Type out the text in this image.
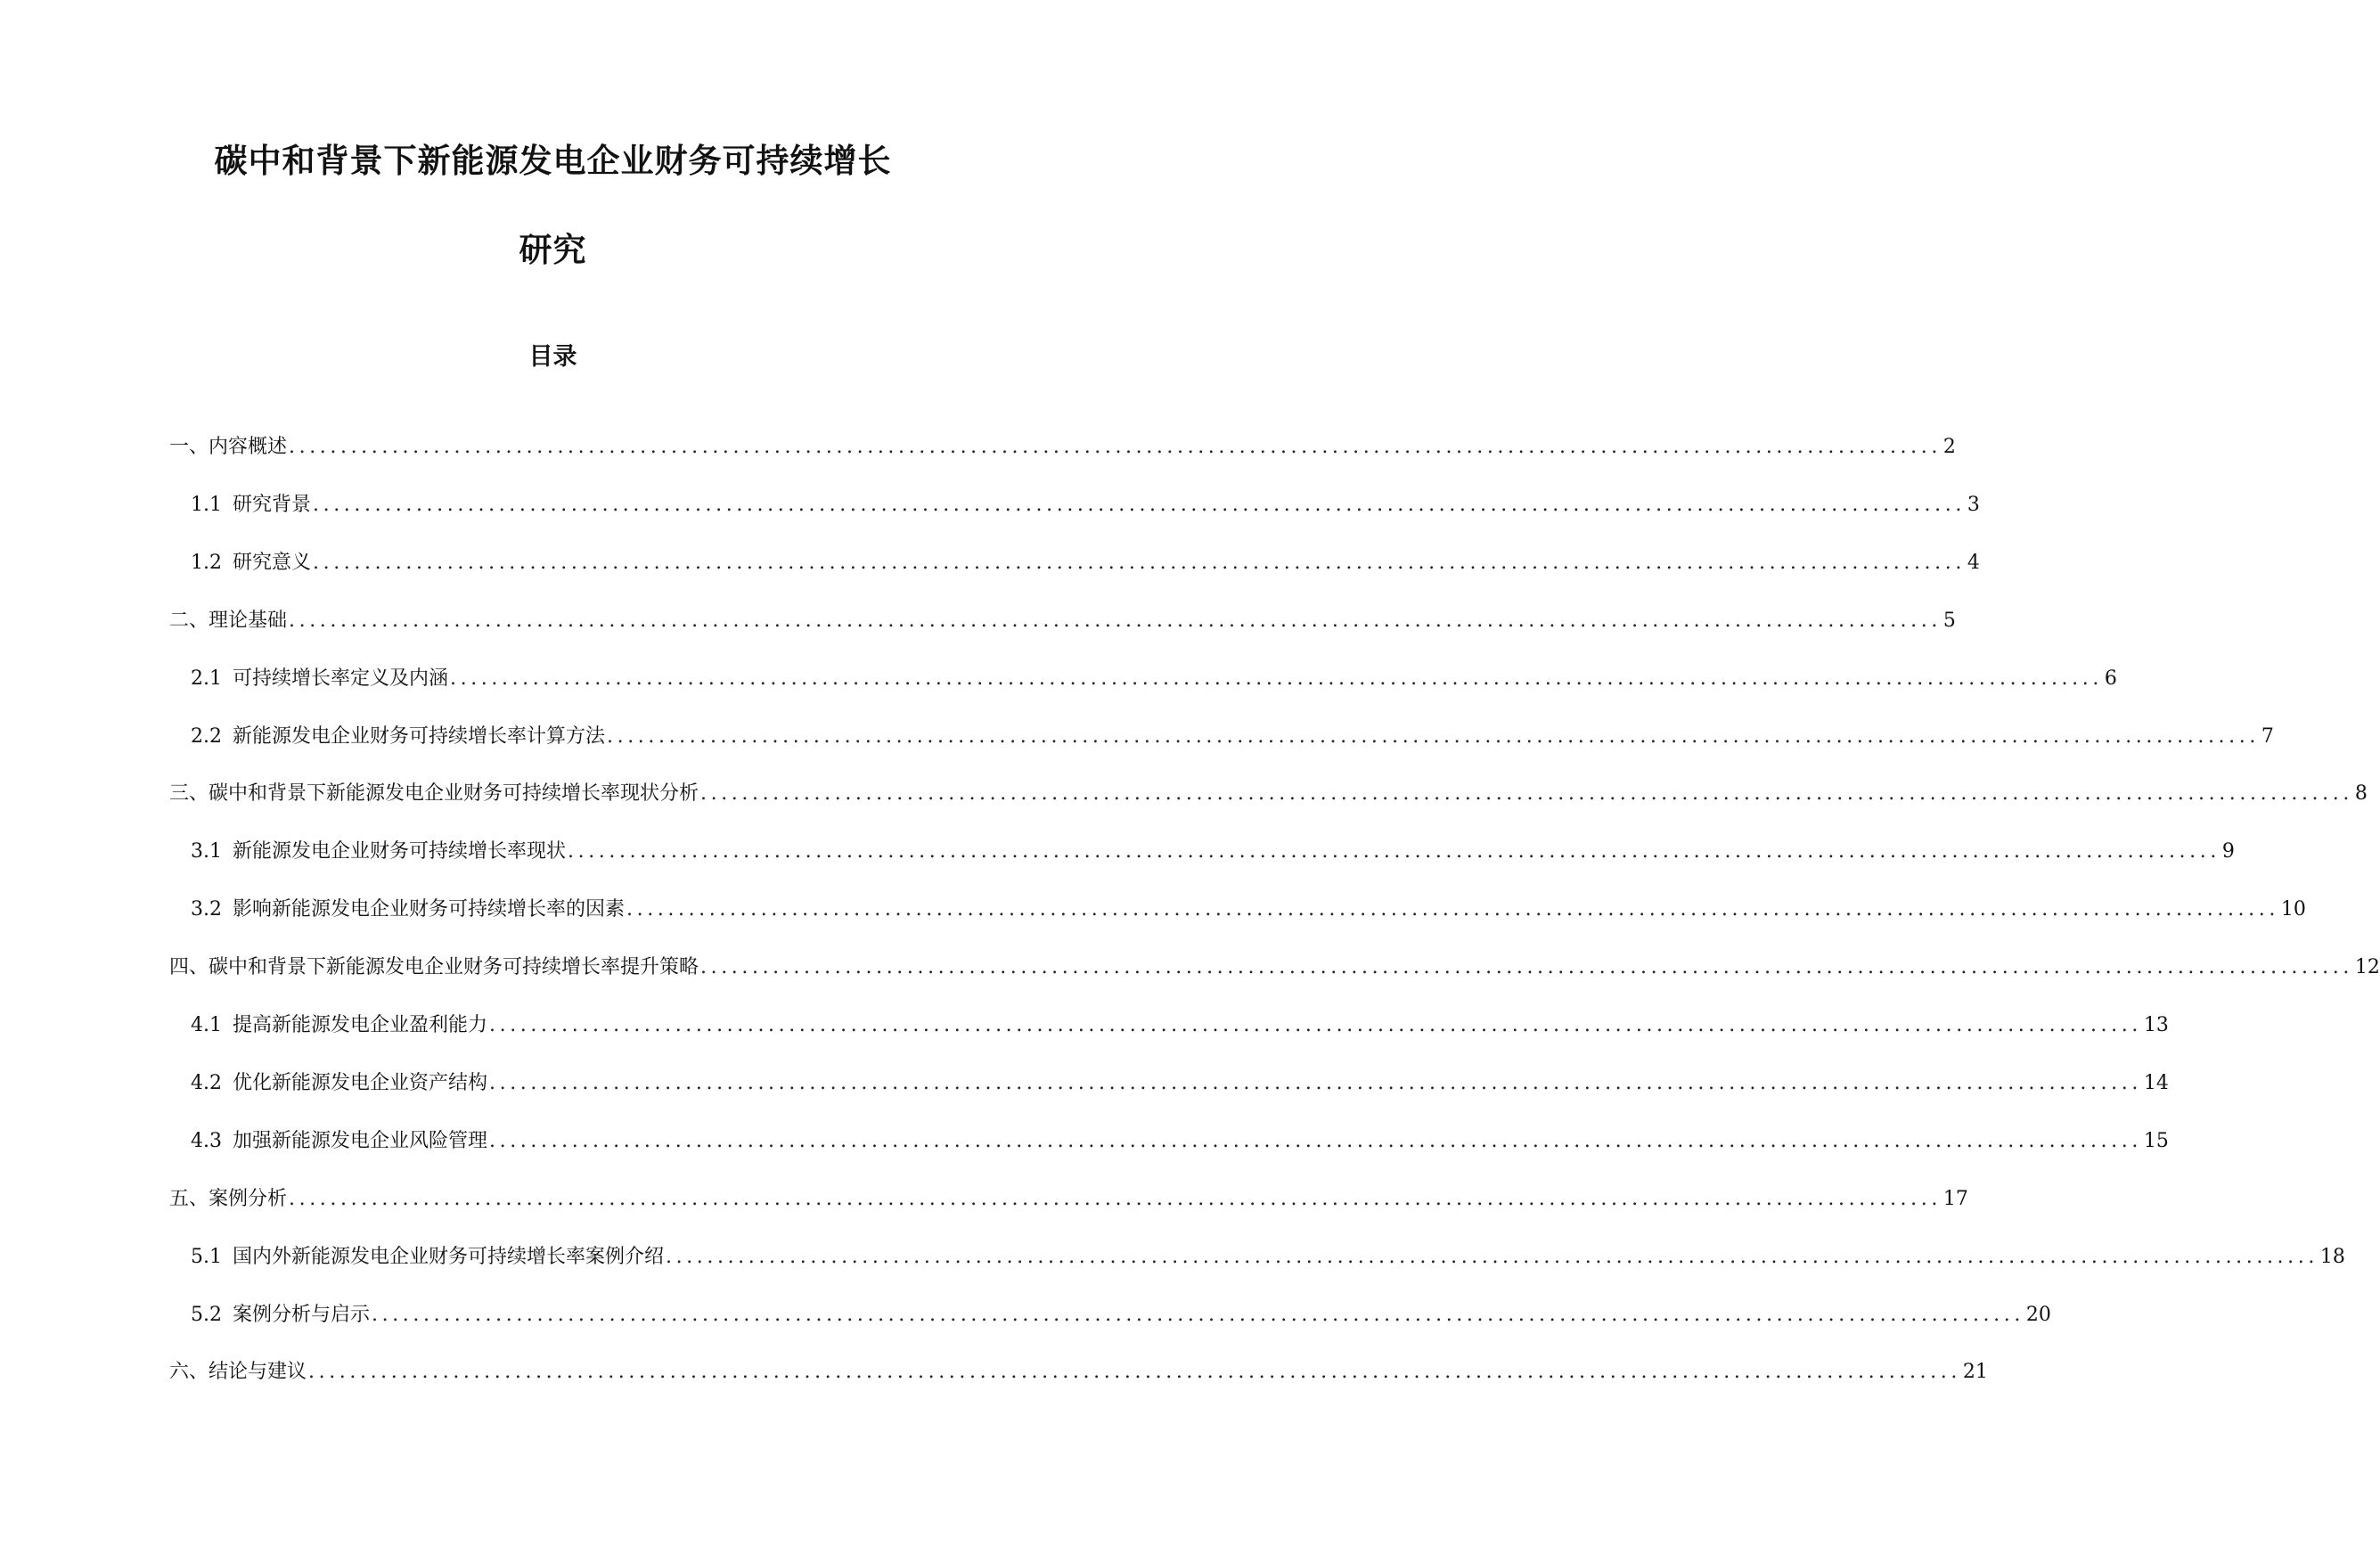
碳中和背景下新能源发电企业财务可持续增长
研究
目录
一、内容概述 ................................................................................................................................................................ 2
1.1 研究背景 ................................................................................................................................................................ 3
1.2 研究意义 ................................................................................................................................................................ 4
二、理论基础 ................................................................................................................................................................ 5
2.1 可持续增长率定义及内涵 ................................................................................................................................................................ 6
2.2 新能源发电企业财务可持续增长率计算方法 ................................................................................................................................................................ 7
三、碳中和背景下新能源发电企业财务可持续增长率现状分析 ................................................................................................................................................................ 8
3.1 新能源发电企业财务可持续增长率现状 ................................................................................................................................................................ 9
3.2 影响新能源发电企业财务可持续增长率的因素 ................................................................................................................................................................ 10
四、碳中和背景下新能源发电企业财务可持续增长率提升策略 ................................................................................................................................................................ 12
4.1 提高新能源发电企业盈利能力 ................................................................................................................................................................ 13
4.2 优化新能源发电企业资产结构 ................................................................................................................................................................ 14
4.3 加强新能源发电企业风险管理 ................................................................................................................................................................ 15
五、案例分析 ................................................................................................................................................................ 17
5.1 国内外新能源发电企业财务可持续增长率案例介绍 ................................................................................................................................................................ 18
5.2 案例分析与启示 ................................................................................................................................................................ 20
六、结论与建议 ................................................................................................................................................................ 21
